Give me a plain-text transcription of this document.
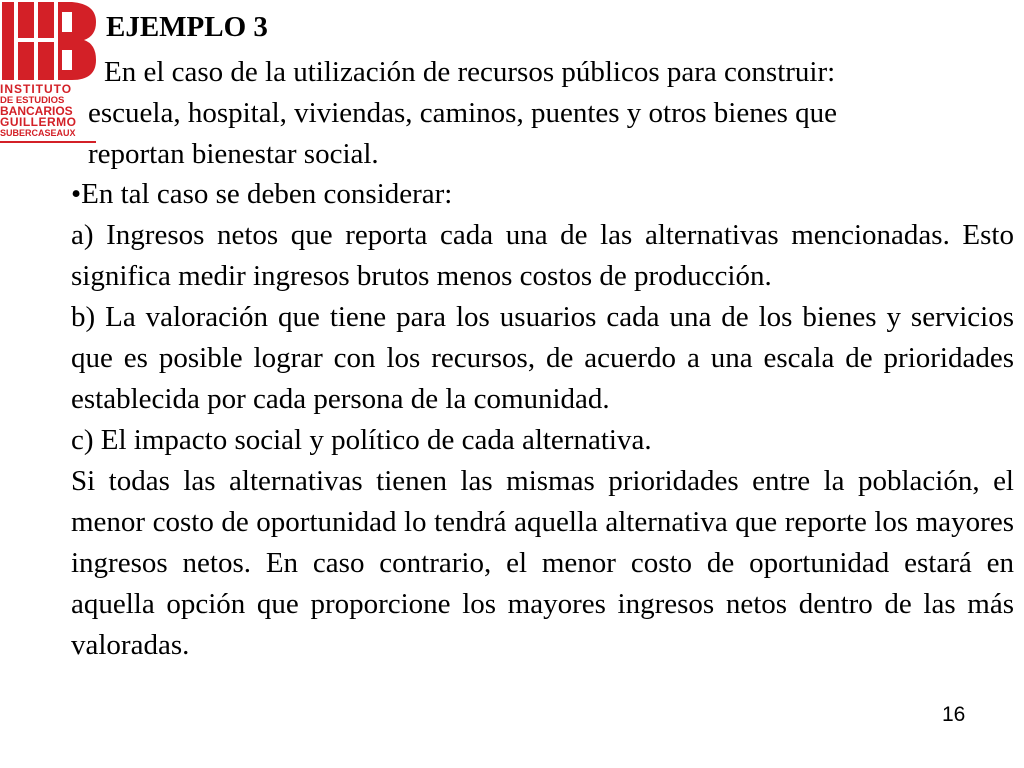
INSTITUTO
DE ESTUDIOS
BANCARIOS
GUILLERMO
SUBERCASEAUX
EJEMPLO 3
En el caso de la utilización de recursos públicos para construir:
escuela, hospital, viviendas, caminos, puentes y otros bienes que
reportan bienestar social.

•En tal caso se deben considerar:

a) Ingresos netos que reporta cada una de las alternativas mencionadas. Esto significa medir ingresos brutos menos costos de producción.

b) La valoración que tiene para los usuarios cada una de los bienes y servicios que es posible lograr con los recursos, de acuerdo a una escala de prioridades establecida por cada persona de la comunidad.

c) El impacto social y político de cada alternativa.

Si todas las alternativas tienen las mismas prioridades entre la población, el menor costo de oportunidad lo tendrá aquella alternativa que reporte los mayores ingresos netos. En caso contrario, el menor costo de oportunidad estará en aquella opción que proporcione los mayores ingresos netos dentro de las más valoradas.

16
